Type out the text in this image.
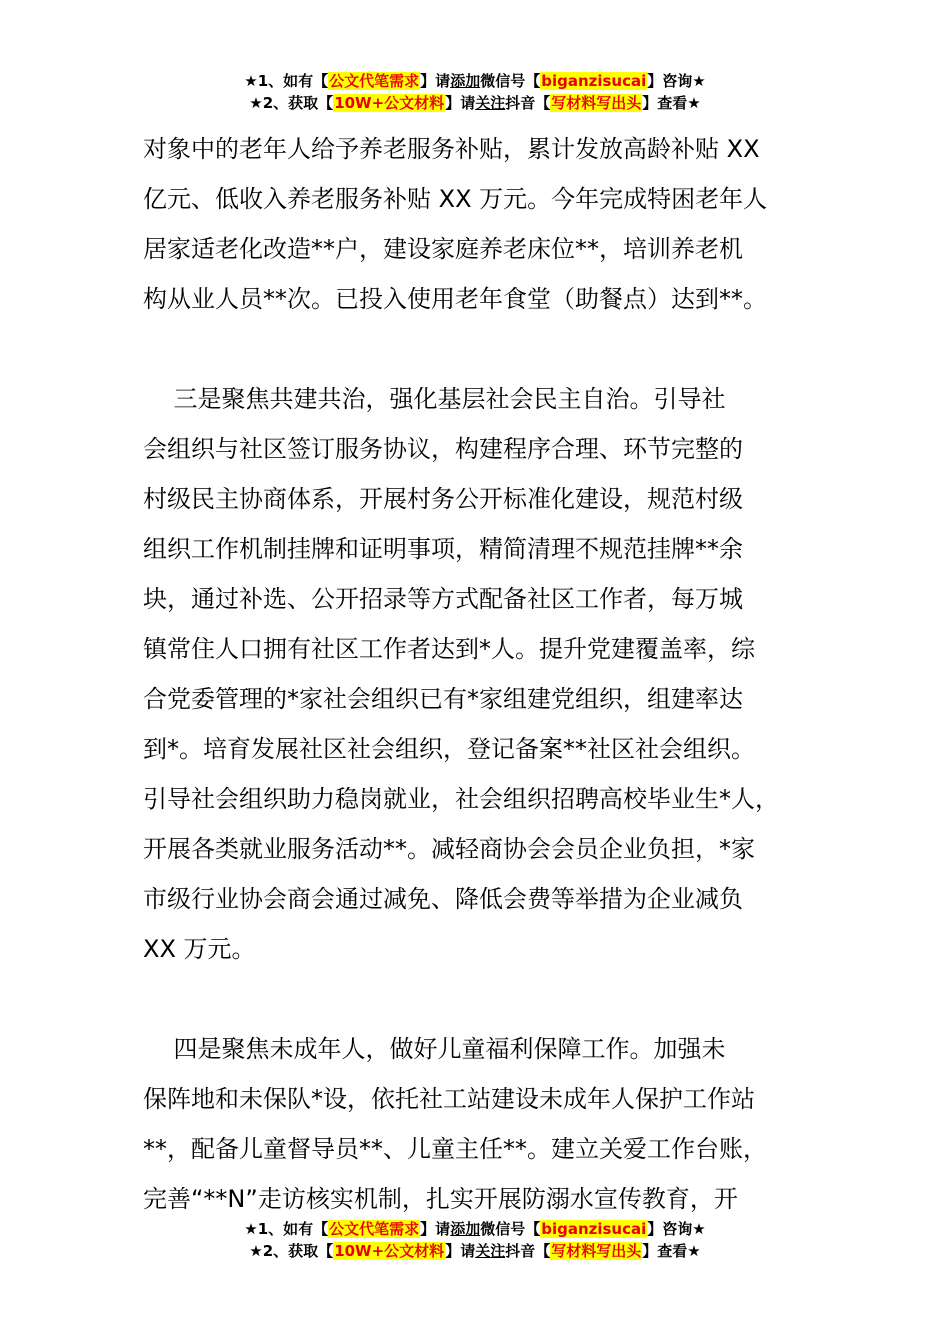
★1、如有【公文代笔需求】请添加微信号【biganzisucai】咨询★
★2、获取【10W+公文材料】请关注抖音【写材料写出头】查看★

对象中的老年人给予养老服务补贴，累计发放高龄补贴 XX

亿元、低收入养老服务补贴 XX 万元。今年完成特困老年人

居家适老化改造**户，建设家庭养老床位**，培训养老机

构从业人员**次。已投入使用老年食堂（助餐点）达到**。

三是聚焦共建共治，强化基层社会民主自治。引导社

会组织与社区签订服务协议，构建程序合理、环节完整的

村级民主协商体系，开展村务公开标准化建设，规范村级

组织工作机制挂牌和证明事项，精简清理不规范挂牌**余

块，通过补选、公开招录等方式配备社区工作者，每万城

镇常住人口拥有社区工作者达到*人。提升党建覆盖率，综

合党委管理的*家社会组织已有*家组建党组织，组建率达

到*。培育发展社区社会组织，登记备案**社区社会组织。

引导社会组织助力稳岗就业，社会组织招聘高校毕业生*人，

开展各类就业服务活动**。减轻商协会会员企业负担，*家

市级行业协会商会通过减免、降低会费等举措为企业减负

XX 万元。

四是聚焦未成年人，做好儿童福利保障工作。加强未

保阵地和未保队*设，依托社工站建设未成年人保护工作站

**，配备儿童督导员**、儿童主任**。建立关爱工作台账，

完善“**N”走访核实机制，扎实开展防溺水宣传教育，开

★1、如有【公文代笔需求】请添加微信号【biganzisucai】咨询★
★2、获取【10W+公文材料】请关注抖音【写材料写出头】查看★
